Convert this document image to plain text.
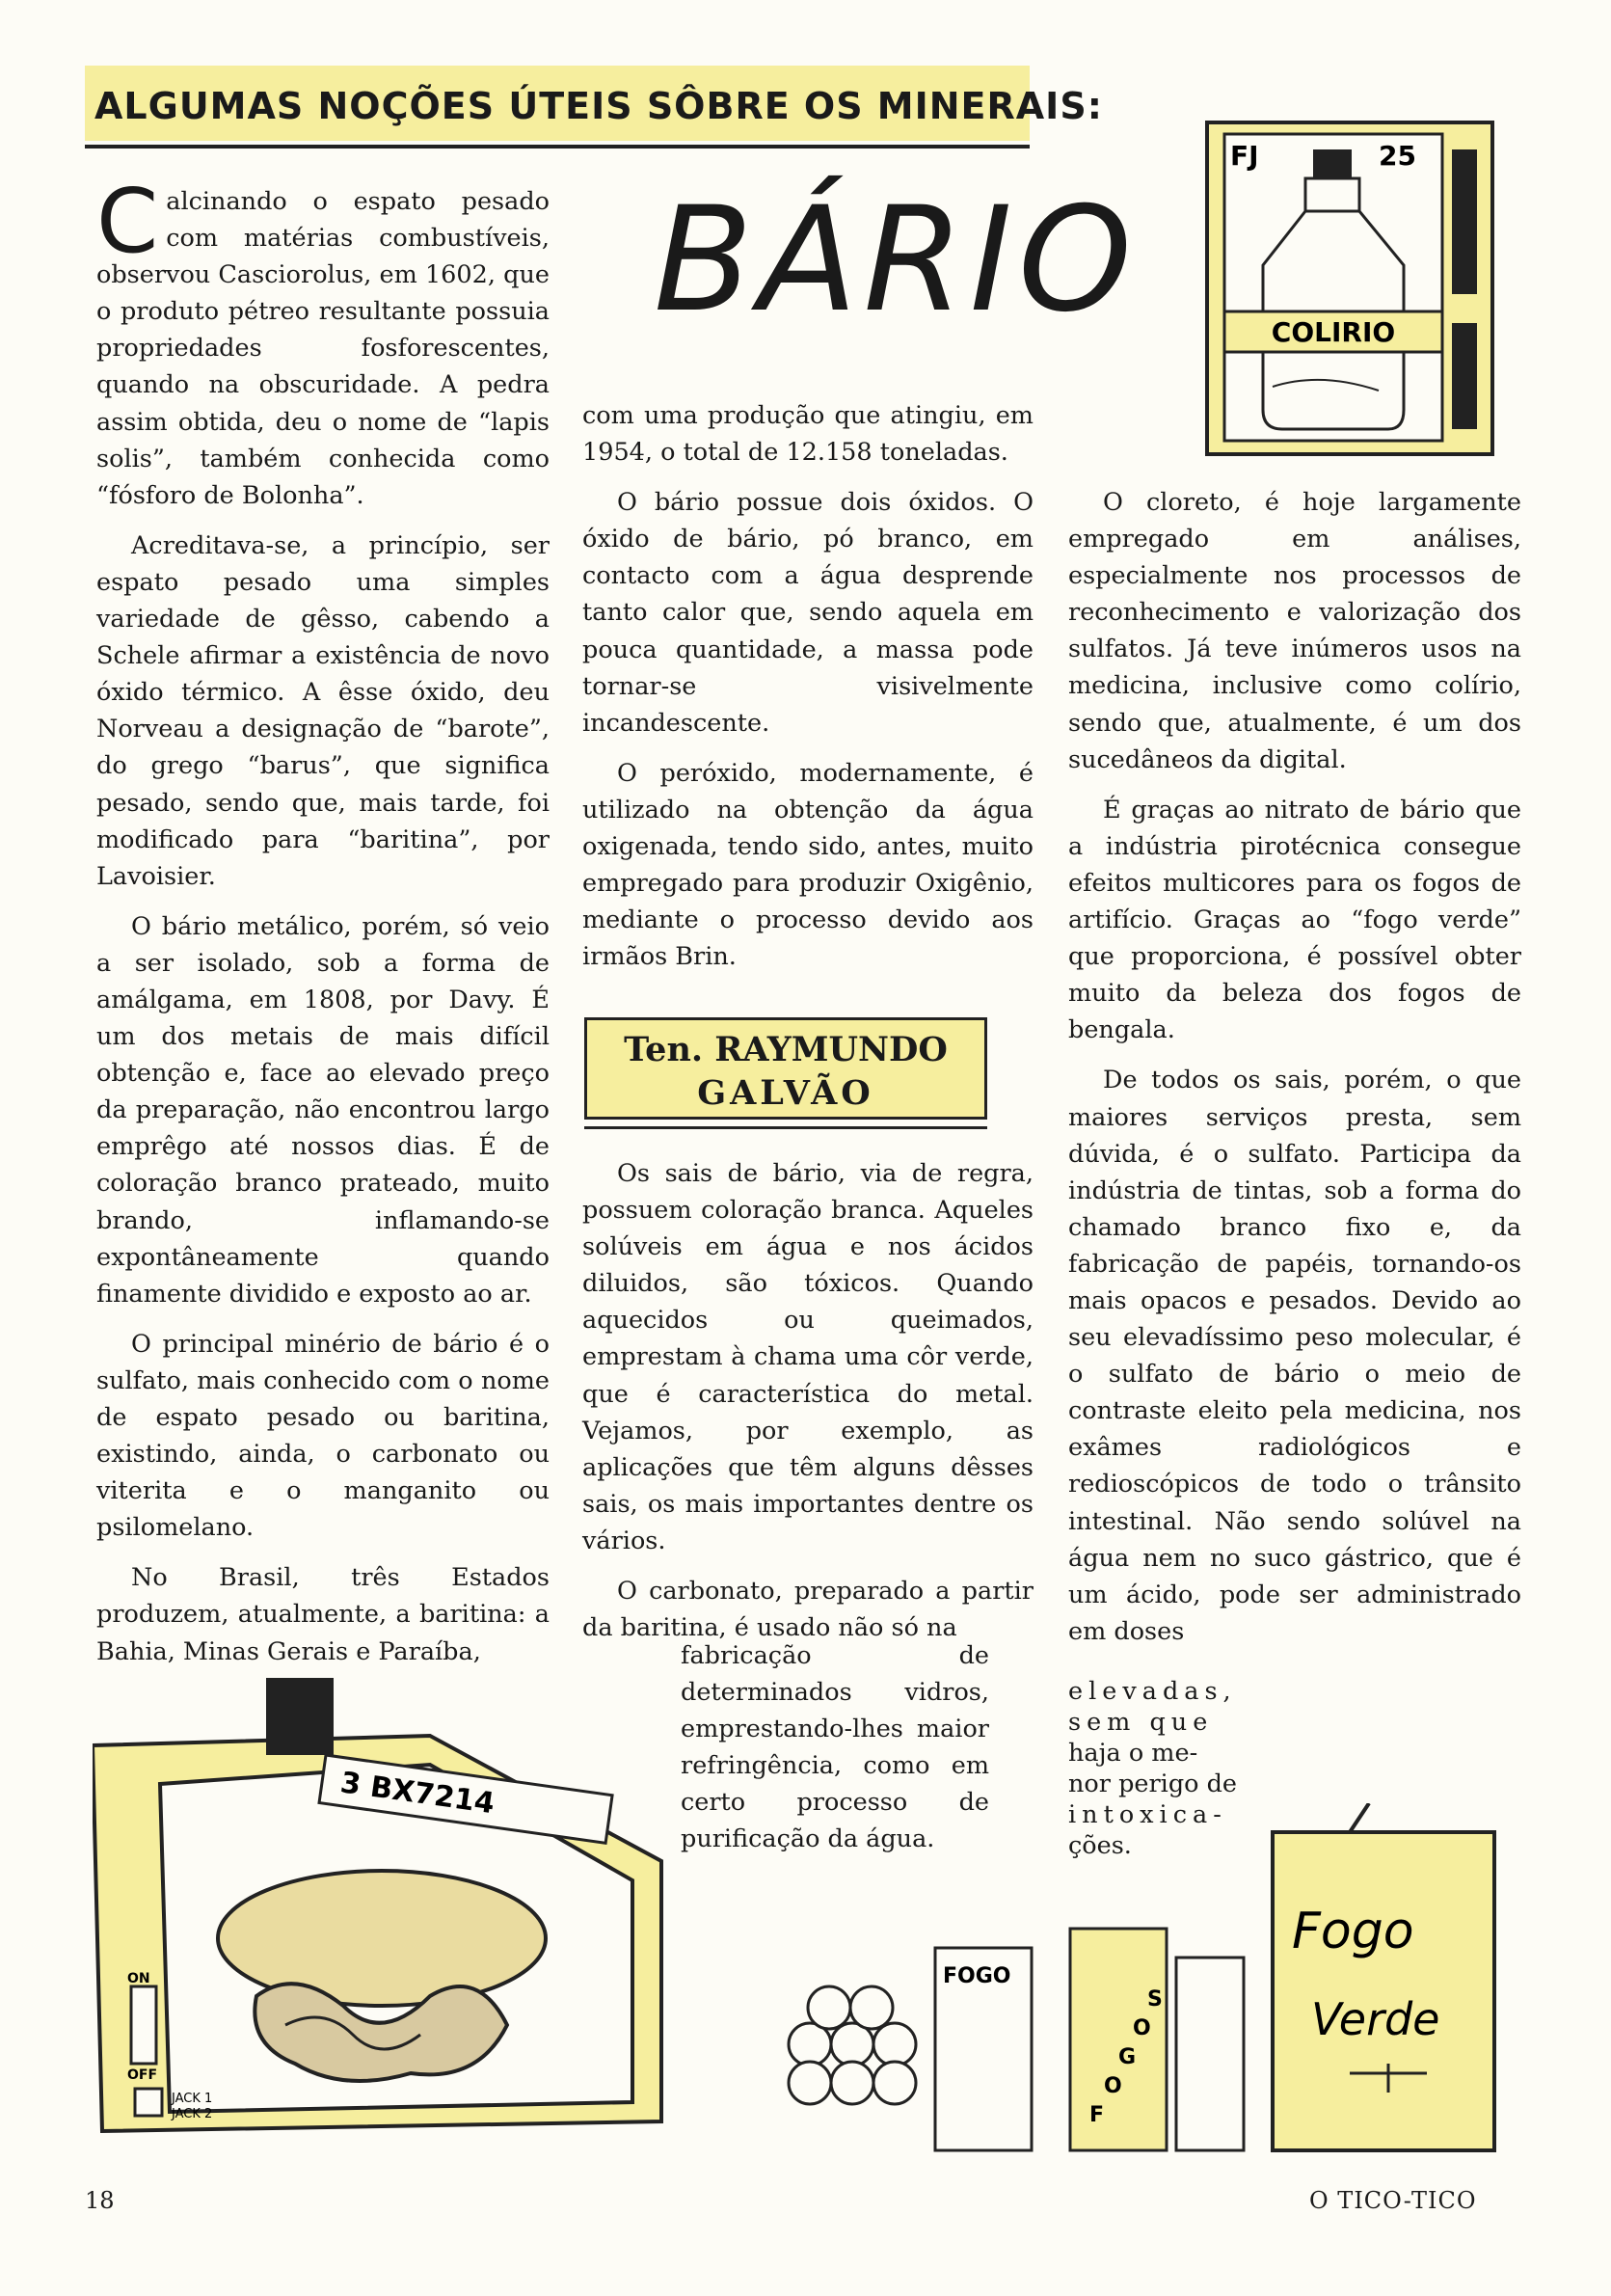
ALGUMAS NOÇÕES ÚTEIS SÔBRE OS MINERAIS:
BÁRIO
FJ	25
COLIRIO

Calcinando o espato pesado com matérias combustíveis, observou Casciorolus, em 1602, que o produto pétreo resultante possuia propriedades fosforescentes, quando na obscuridade. A pedra assim obtida, deu o nome de “lapis solis”, também conhecida como “fósforo de Bolonha”.

Acreditava-se, a princípio, ser espato pesado uma simples variedade de gêsso, cabendo a Schele afirmar a existência de novo óxido térmico. A êsse óxido, deu Norveau a designação de “barote”, do grego “barus”, que significa pesado, sendo que, mais tarde, foi modificado para “baritina”, por Lavoisier.

O bário metálico, porém, só veio a ser isolado, sob a forma de amálgama, em 1808, por Davy. É um dos metais de mais difícil obtenção e, face ao elevado preço da preparação, não encontrou largo emprêgo até nossos dias. É de coloração branco prateado, muito brando, inflamando-se expontâneamente quando finamente dividido e exposto ao ar.

O principal minério de bário é o sulfato, mais conhecido com o nome de espato pesado ou baritina, existindo, ainda, o carbonato ou viterita e o manganito ou psilomelano.

No Brasil, três Estados produzem, atualmente, a baritina: a Bahia, Minas Gerais e Paraíba,

com uma produção que atingiu, em 1954, o total de 12.158 toneladas.

O bário possue dois óxidos. O óxido de bário, pó branco, em contacto com a água desprende tanto calor que, sendo aquela em pouca quantidade, a massa pode tornar-se visivelmente incandescente.

O peróxido, modernamente, é utilizado na obtenção da água oxigenada, tendo sido, antes, muito empregado para produzir Oxigênio, mediante o processo devido aos irmãos Brin.

Ten. RAYMUNDO
GALVÃO

Os sais de bário, via de regra, possuem coloração branca. Aqueles solúveis em água e nos ácidos diluidos, são tóxicos. Quando aquecidos ou queimados, emprestam à chama uma côr verde, que é característica do metal. Vejamos, por exemplo, as aplicações que têm alguns dêsses sais, os mais importantes dentre os vários.

O carbonato, preparado a partir da baritina, é usado não só na

fabricação de determinados vidros, emprestando-lhes maior refringência, como em certo processo de purificação da água.

O cloreto, é hoje largamente empregado em análises, especialmente nos processos de reconhecimento e valorização dos sulfatos. Já teve inúmeros usos na medicina, inclusive como colírio, sendo que, atualmente, é um dos sucedâneos da digital.

É graças ao nitrato de bário que a indústria pirotécnica consegue efeitos multicores para os fogos de artifício. Graças ao “fogo verde” que proporciona, é possível obter muito da beleza dos fogos de bengala.

De todos os sais, porém, o que maiores serviços presta, sem dúvida, é o sulfato. Participa da indústria de tintas, sob a forma do chamado branco fixo e, da fabricação de papéis, tornando-os mais opacos e pesados. Devido ao seu elevadíssimo peso molecular, é o sulfato de bário o meio de contraste eleito pela medicina, nos exâmes radiológicos e redioscópicos de todo o trânsito intestinal. Não sendo solúvel na água nem no suco gástrico, que é um ácido, pode ser administrado em doses

elevadas,
sem que
haja o me-
nor perigo de
intoxica-
ções.
3 BX7214
ON
OFF
JACK 1
JACK 2
FOGO
F
O
G
O
S
Fogo
Verde
18	O TICO-TICO
